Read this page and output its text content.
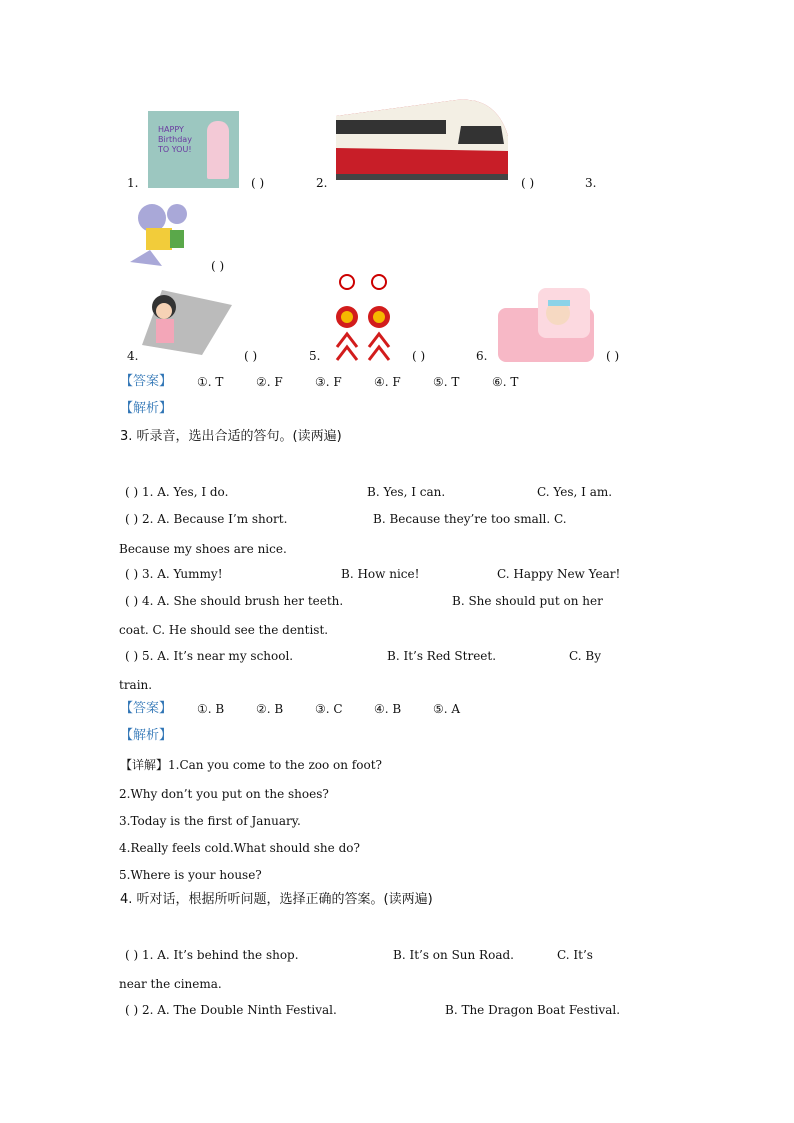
HAPPY Birthday TO YOU!
1.	( )	2.	( )	3.
( )
4.	( )	5.	( )	6.	( )
【答案】 ①. T	②. F	③. F	④. F	⑤. T	⑥. T
【解析】
3. 听录音，选出合适的答句。(读两遍)
( ) 1. A. Yes, I do.	B. Yes, I can.	C. Yes, I am.
( ) 2. A. Because I’m short.	B. Because they’re too small. C.
Because my shoes are nice.
( ) 3. A. Yummy!	B. How nice!	C. Happy New Year!
( ) 4. A. She should brush her teeth.	B. She should put on her
coat. C. He should see the dentist.
( ) 5. A. It’s near my school.	B. It’s Red Street.	C. By
train.
【答案】 ①. B	②. B	③. C	④. B	⑤. A
【解析】
【详解】1.Can you come to the zoo on foot?
2.Why don’t you put on the shoes?
3.Today is the first of January.
4.Really feels cold.What should she do?
5.Where is your house?
4. 听对话，根据所听问题，选择正确的答案。(读两遍)
( ) 1. A. It’s behind the shop.	B. It’s on Sun Road.	C. It’s
near the cinema.
( ) 2. A. The Double Ninth Festival.	B. The Dragon Boat Festival.
